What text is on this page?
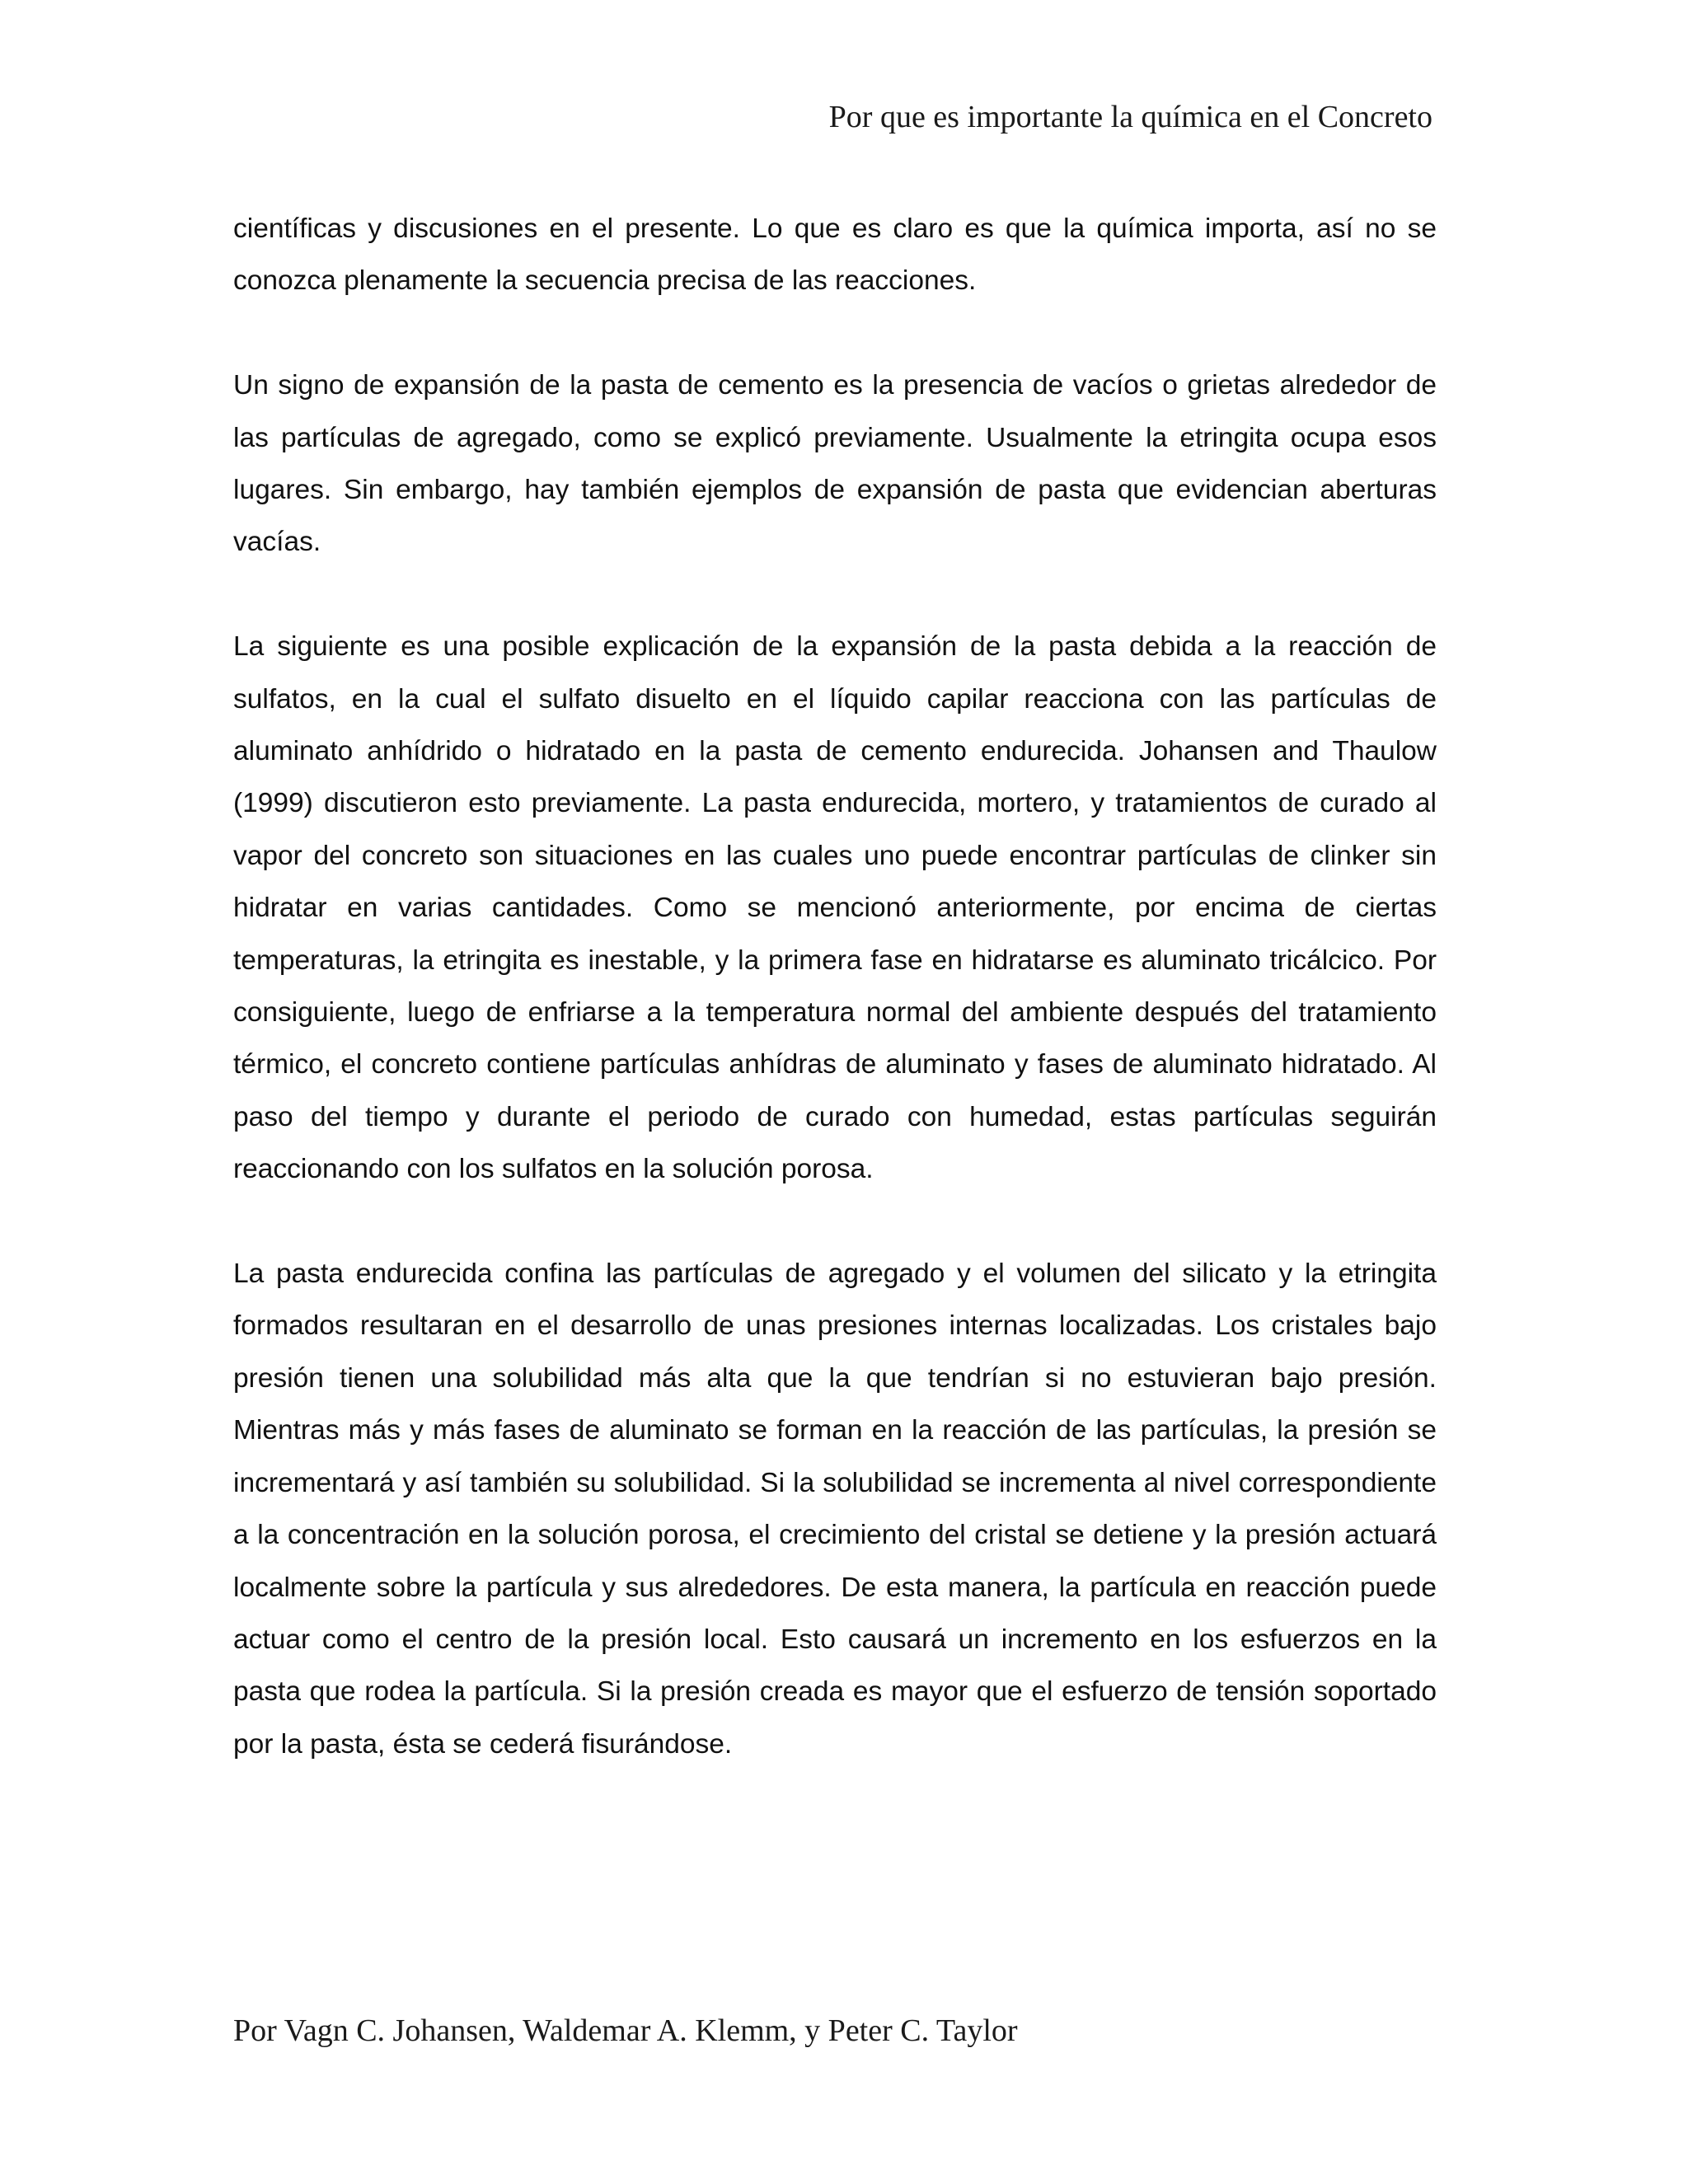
Por que es importante la química en el Concreto

científicas y discusiones en el presente. Lo que es claro es que la química importa, así no se conozca plenamente la secuencia precisa de las reacciones.

Un signo de expansión de la pasta de cemento es la presencia de vacíos o grietas alrededor de las partículas de agregado, como se explicó previamente. Usualmente la etringita ocupa esos lugares. Sin embargo, hay también ejemplos de expansión de pasta que evidencian aberturas vacías.

La siguiente es una posible explicación de la expansión de la pasta debida a la reacción de sulfatos, en la cual el sulfato disuelto en el líquido capilar reacciona con las partículas de aluminato anhídrido o hidratado en la pasta de cemento endurecida. Johansen and Thaulow (1999) discutieron esto previamente. La pasta endurecida, mortero, y tratamientos de curado al vapor del concreto son situaciones en las cuales uno puede encontrar partículas de clinker sin hidratar en varias cantidades. Como se mencionó anteriormente, por encima de ciertas temperaturas, la etringita es inestable, y la primera fase en hidratarse es aluminato tricálcico. Por consiguiente, luego de enfriarse a la temperatura normal del ambiente después del tratamiento térmico, el concreto contiene partículas anhídras de aluminato y fases de aluminato hidratado. Al paso del tiempo y durante el periodo de curado con humedad, estas partículas seguirán reaccionando con los sulfatos en la solución porosa.

La pasta endurecida confina las partículas de agregado y el volumen del silicato y la etringita formados resultaran en el desarrollo de unas presiones internas localizadas. Los cristales bajo presión tienen una solubilidad más alta que la que tendrían si no estuvieran bajo presión. Mientras más y más fases de aluminato se forman en la reacción de las partículas, la presión se incrementará y así también su solubilidad. Si la solubilidad se incrementa al nivel correspondiente a la concentración en la solución porosa, el crecimiento del cristal se detiene y la presión actuará localmente sobre la partícula y sus alrededores. De esta manera, la partícula en reacción puede actuar como el centro de la presión local. Esto causará un incremento en los esfuerzos en la pasta que rodea la partícula. Si la presión creada es mayor que el esfuerzo de tensión soportado por la pasta, ésta se cederá fisurándose.

Por Vagn C. Johansen, Waldemar A. Klemm, y Peter C. Taylor
